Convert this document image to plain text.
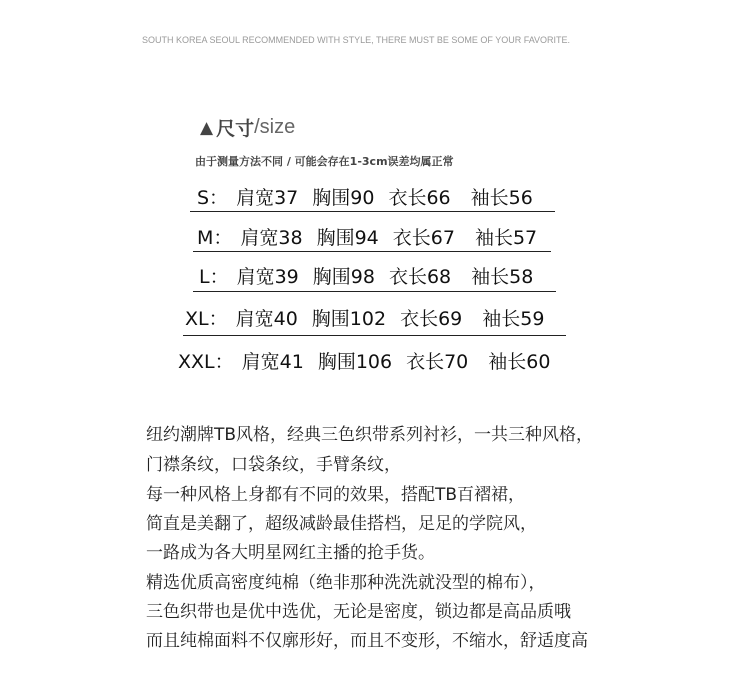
SOUTH KOREA SEOUL RECOMMENDED WITH STYLE, THERE MUST BE SOME OF YOUR FAVORITE.
▲ 尺寸 /size
由于测量方法不同 / 可能会存在1-3cm误差均属正常
S： 肩宽37 胸围90 衣长66 袖长56
M： 肩宽38 胸围94 衣长67 袖长57
L： 肩宽39 胸围98 衣长68 袖长58
XL： 肩宽40 胸围102 衣长69 袖长59
XXL： 肩宽41 胸围106 衣长70 袖长60
纽约潮牌TB风格，经典三色织带系列衬衫，一共三种风格，
门襟条纹，口袋条纹，手臂条纹，
每一种风格上身都有不同的效果，搭配TB百褶裙，
简直是美翻了，超级减龄最佳搭档，足足的学院风，
一路成为各大明星网红主播的抢手货。
精选优质高密度纯棉（绝非那种洗洗就没型的棉布），
三色织带也是优中选优，无论是密度，锁边都是高品质哦
而且纯棉面料不仅廓形好，而且不变形，不缩水，舒适度高
